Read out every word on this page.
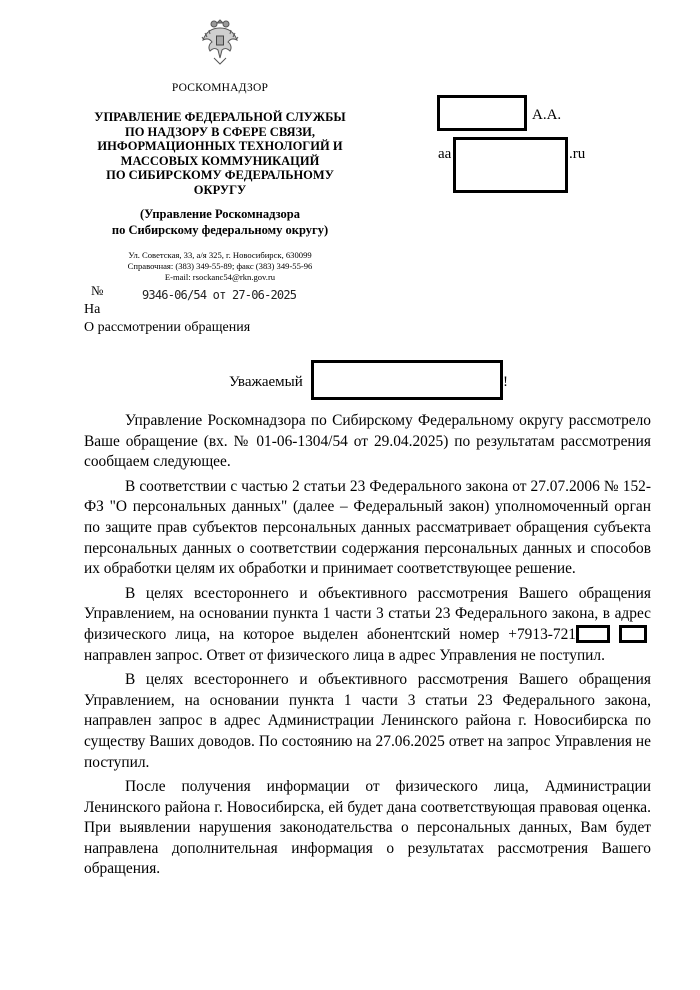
РОСКОМНАДЗОР
УПРАВЛЕНИЕ ФЕДЕРАЛЬНОЙ СЛУЖБЫ
ПО НАДЗОРУ В СФЕРЕ СВЯЗИ,
ИНФОРМАЦИОННЫХ ТЕХНОЛОГИЙ И
МАССОВЫХ КОММУНИКАЦИЙ
ПО СИБИРСКОМУ ФЕДЕРАЛЬНОМУ
ОКРУГУ
(Управление Роскомнадзора
по Сибирскому федеральному округу)
Ул. Советская, 33, а/я 325, г. Новосибирск, 630099
Справочная: (383) 349-55-89; факс (383) 349-55-96
E-mail: rsockanc54@rkn.gov.ru
№	9346-06/54 от 27-06-2025
На
О рассмотрении обращения
А.А.
aa	.ru
Уважаемый	!

Управление Роскомнадзора по Сибирскому Федеральному округу рассмотрело Ваше обращение (вх. № 01-06-1304/54 от 29.04.2025) по результатам рассмотрения сообщаем следующее.

В соответствии с частью 2 статьи 23 Федерального закона от 27.07.2006 № 152-ФЗ "О персональных данных" (далее – Федеральный закон) уполномоченный орган по защите прав субъектов персональных данных рассматривает обращения субъекта персональных данных о соответствии содержания персональных данных и способов их обработки целям их обработки и принимает соответствующее решение.

В целях всестороннего и объективного рассмотрения Вашего обращения Управлением, на основании пункта 1 части 3 статьи 23 Федерального закона, в адрес физического лица, на которое выделен абонентский номер +7913-721 направлен запрос. Ответ от физического лица в адрес Управления не поступил.

В целях всестороннего и объективного рассмотрения Вашего обращения Управлением, на основании пункта 1 части 3 статьи 23 Федерального закона, направлен запрос в адрес Администрации Ленинского района г. Новосибирска по существу Ваших доводов. По состоянию на 27.06.2025 ответ на запрос Управления не поступил.

После получения информации от физического лица, Администрации Ленинского района г. Новосибирска, ей будет дана соответствующая правовая оценка. При выявлении нарушения законодательства о персональных данных, Вам будет направлена дополнительная информация о результатах рассмотрения Вашего обращения.
